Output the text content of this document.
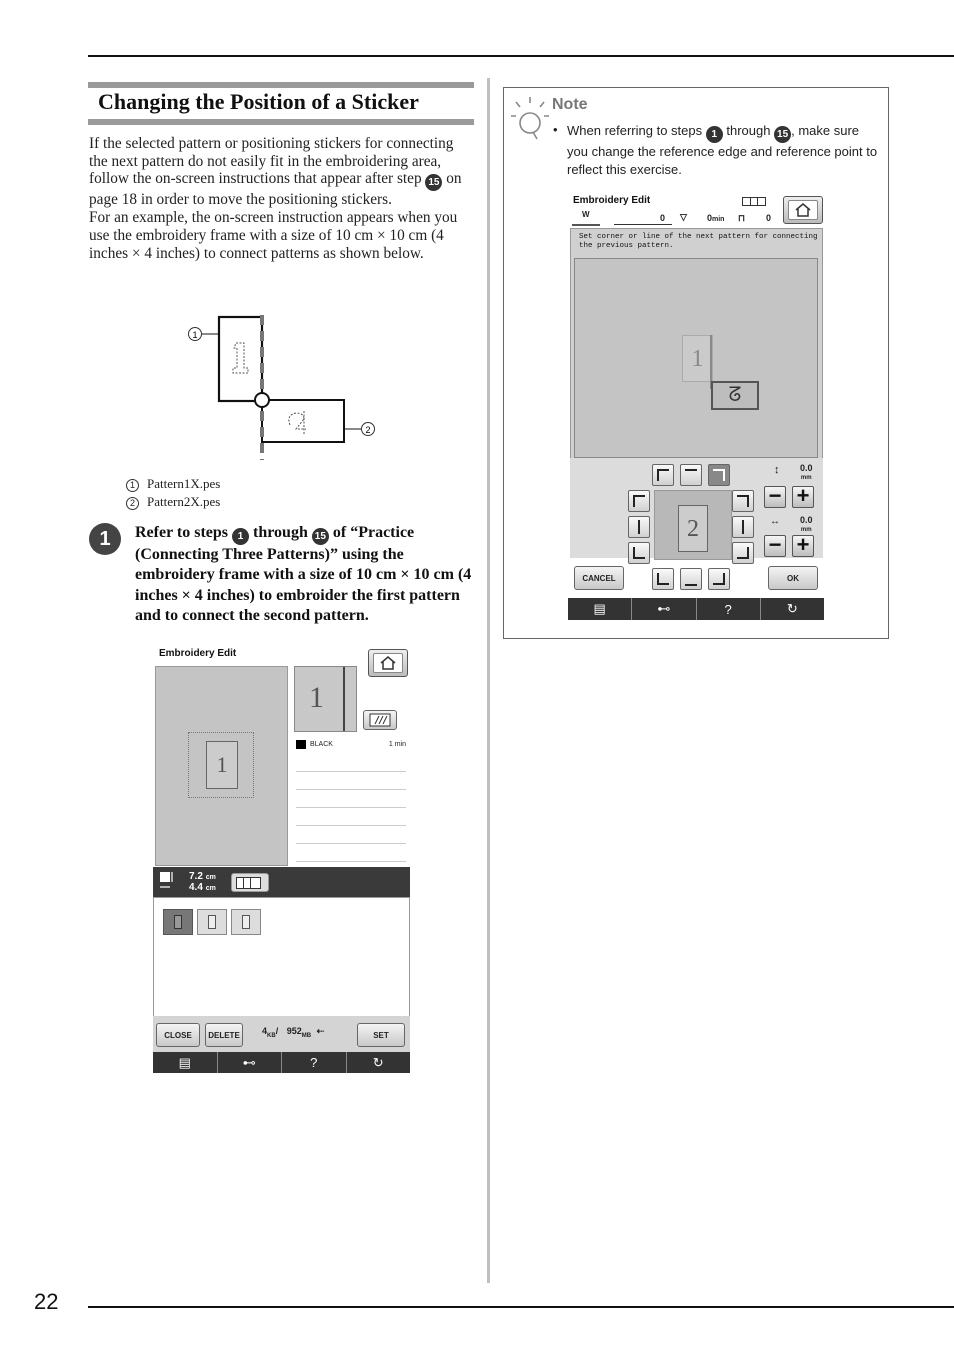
Changing the Position of a Sticker

If the selected pattern or positioning stickers for connecting the next pattern do not easily fit in the embroidering area, follow the on-screen instructions that appear after step 15 on page 18 in order to move the positioning stickers.

For an example, the on-screen instruction appears when you use the embroidery frame with a size of 10 cm × 10 cm (4 inches × 4 inches) to connect patterns as shown below.

1
2
1 Pattern1X.pes
2 Pattern2X.pes
1	Refer to steps 1 through 15 of “Practice (Connecting Three Patterns)” using the embroidery frame with a size of 10 cm × 10 cm (4 inches × 4 inches) to embroider the first pattern and to connect the second pattern.
Embroidery Edit
1
1
BLACK	1 min
7.2 cm
4.4 cm
CLOSE	DELETE	$4_{KB}/$ $952_{MB}$ ⇠	SET
▤	⊷	?	↻
Note
• When referring to steps 1 through 15 , make sure you change the reference edge and reference point to reflect this exercise.
Embroidery Edit
W	0 ▽ 0min ⊓ 0
Set corner or line of the next pattern for connecting the previous pattern.
1
ᘔ
2
↕ 0.0
mm
− +
↔ 0.0
mm
− +
CANCEL	OK
▤	⊷	?	↻
22
